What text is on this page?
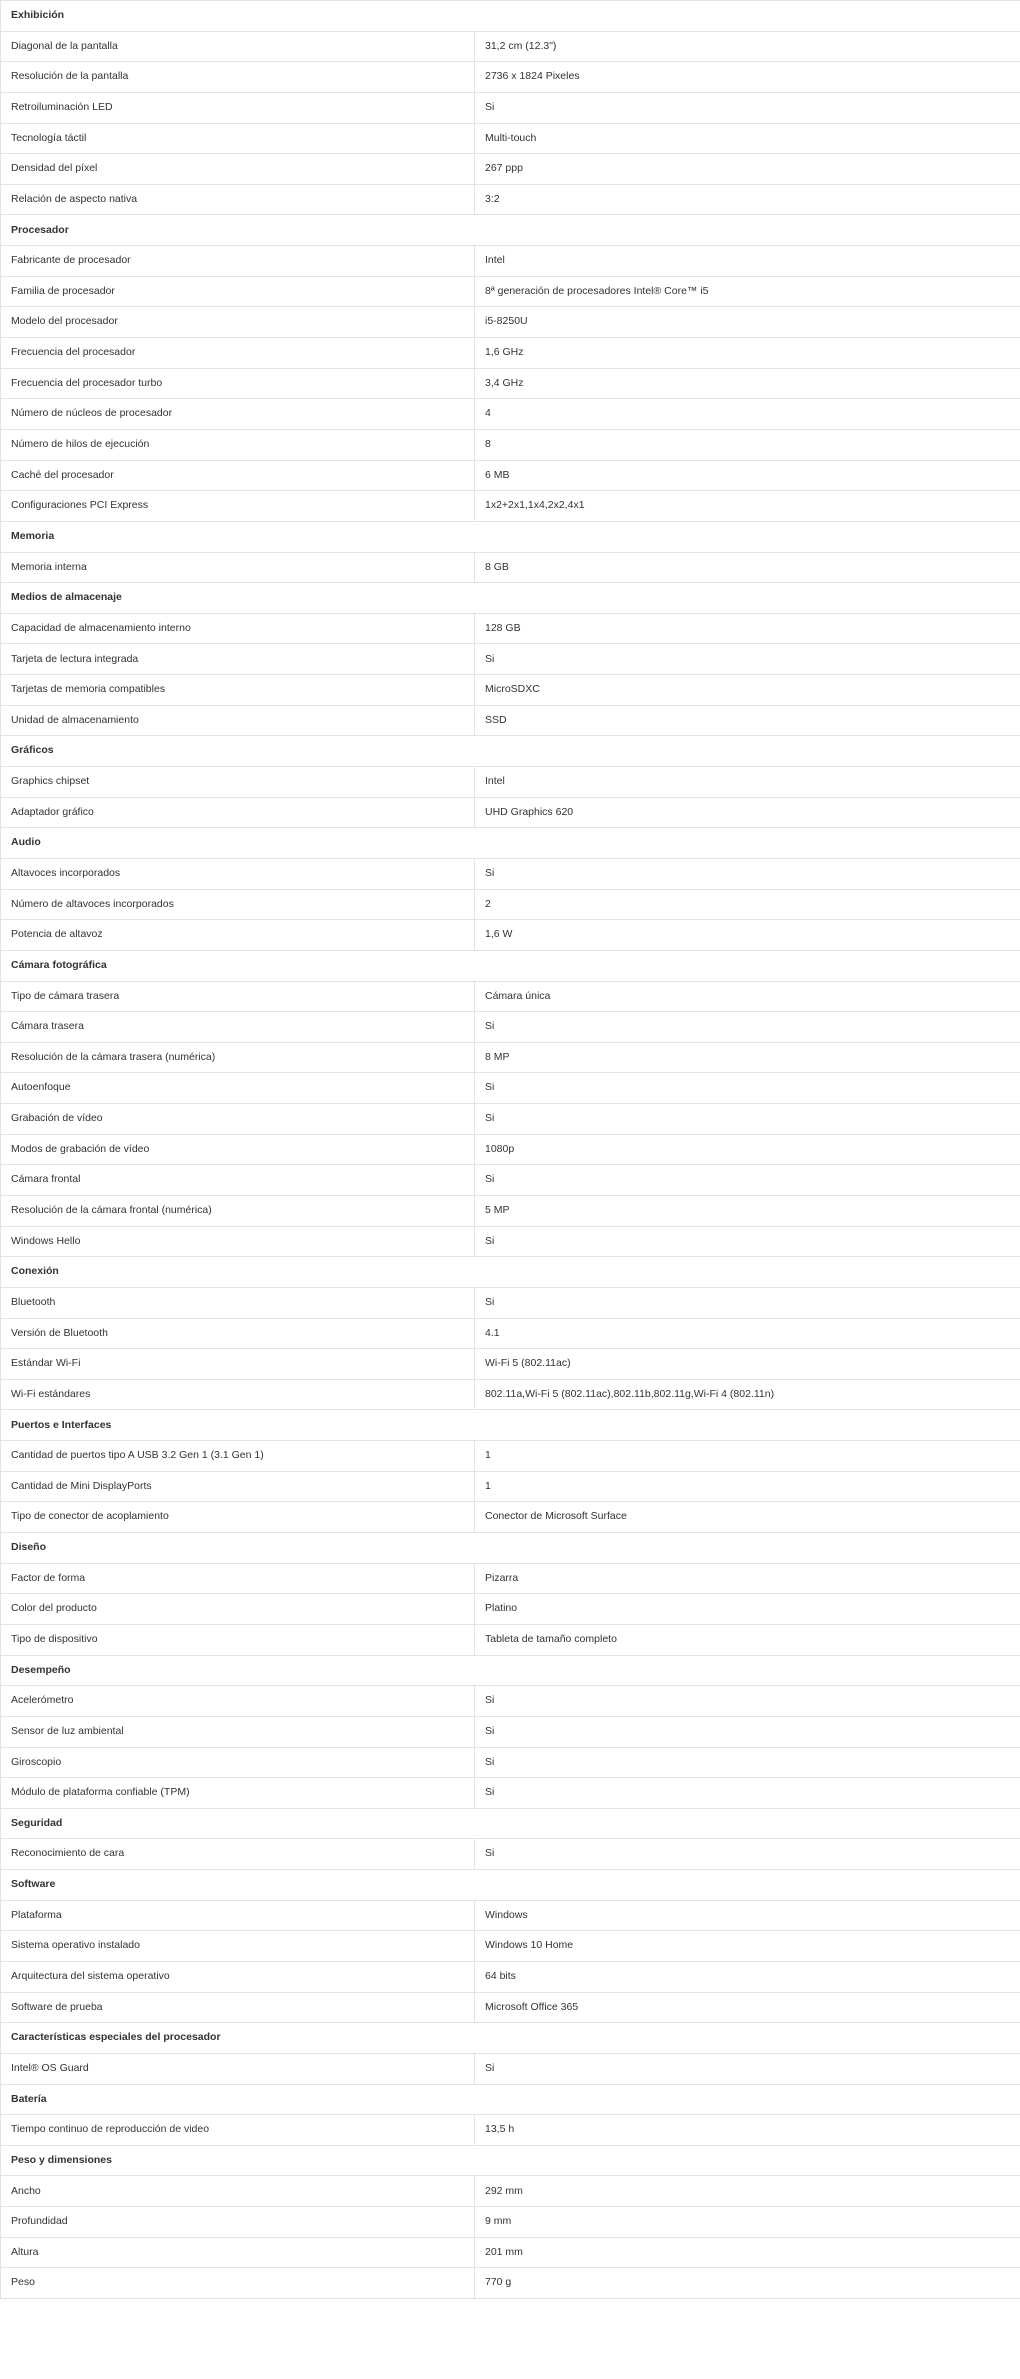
Exhibición	
Diagonal de la pantalla	31,2 cm (12.3")
Resolución de la pantalla	2736 x 1824 Pixeles
Retroiluminación LED	Si
Tecnología táctil	Multi-touch
Densidad del píxel	267 ppp
Relación de aspecto nativa	3:2
Procesador	
Fabricante de procesador	Intel
Familia de procesador	8ª generación de procesadores Intel® Core™ i5
Modelo del procesador	i5-8250U
Frecuencia del procesador	1,6 GHz
Frecuencia del procesador turbo	3,4 GHz
Número de núcleos de procesador	4
Número de hilos de ejecución	8
Caché del procesador	6 MB
Configuraciones PCI Express	1x2+2x1,1x4,2x2,4x1
Memoria	
Memoria interna	8 GB
Medios de almacenaje	
Capacidad de almacenamiento interno	128 GB
Tarjeta de lectura integrada	Si
Tarjetas de memoria compatibles	MicroSDXC
Unidad de almacenamiento	SSD
Gráficos	
Graphics chipset	Intel
Adaptador gráfico	UHD Graphics 620
Audio	
Altavoces incorporados	Si
Número de altavoces incorporados	2
Potencia de altavoz	1,6 W
Cámara fotográfica	
Tipo de cámara trasera	Cámara única
Cámara trasera	Si
Resolución de la cámara trasera (numérica)	8 MP
Autoenfoque	Si
Grabación de vídeo	Si
Modos de grabación de vídeo	1080p
Cámara frontal	Si
Resolución de la cámara frontal (numérica)	5 MP
Windows Hello	Si
Conexión	
Bluetooth	Si
Versión de Bluetooth	4.1
Estándar Wi-Fi	Wi-Fi 5 (802.11ac)
Wi-Fi estándares	802.11a,Wi-Fi 5 (802.11ac),802.11b,802.11g,Wi-Fi 4 (802.11n)
Puertos e Interfaces	
Cantidad de puertos tipo A USB 3.2 Gen 1 (3.1 Gen 1)	1
Cantidad de Mini DisplayPorts	1
Tipo de conector de acoplamiento	Conector de Microsoft Surface
Diseño	
Factor de forma	Pizarra
Color del producto	Platino
Tipo de dispositivo	Tableta de tamaño completo
Desempeño	
Acelerómetro	Si
Sensor de luz ambiental	Si
Giroscopio	Si
Módulo de plataforma confiable (TPM)	Si
Seguridad	
Reconocimiento de cara	Si
Software	
Plataforma	Windows
Sistema operativo instalado	Windows 10 Home
Arquitectura del sistema operativo	64 bits
Software de prueba	Microsoft Office 365
Características especiales del procesador	
Intel® OS Guard	Si
Batería	
Tiempo continuo de reproducción de video	13,5 h
Peso y dimensiones	
Ancho	292 mm
Profundidad	9 mm
Altura	201 mm
Peso	770 g
